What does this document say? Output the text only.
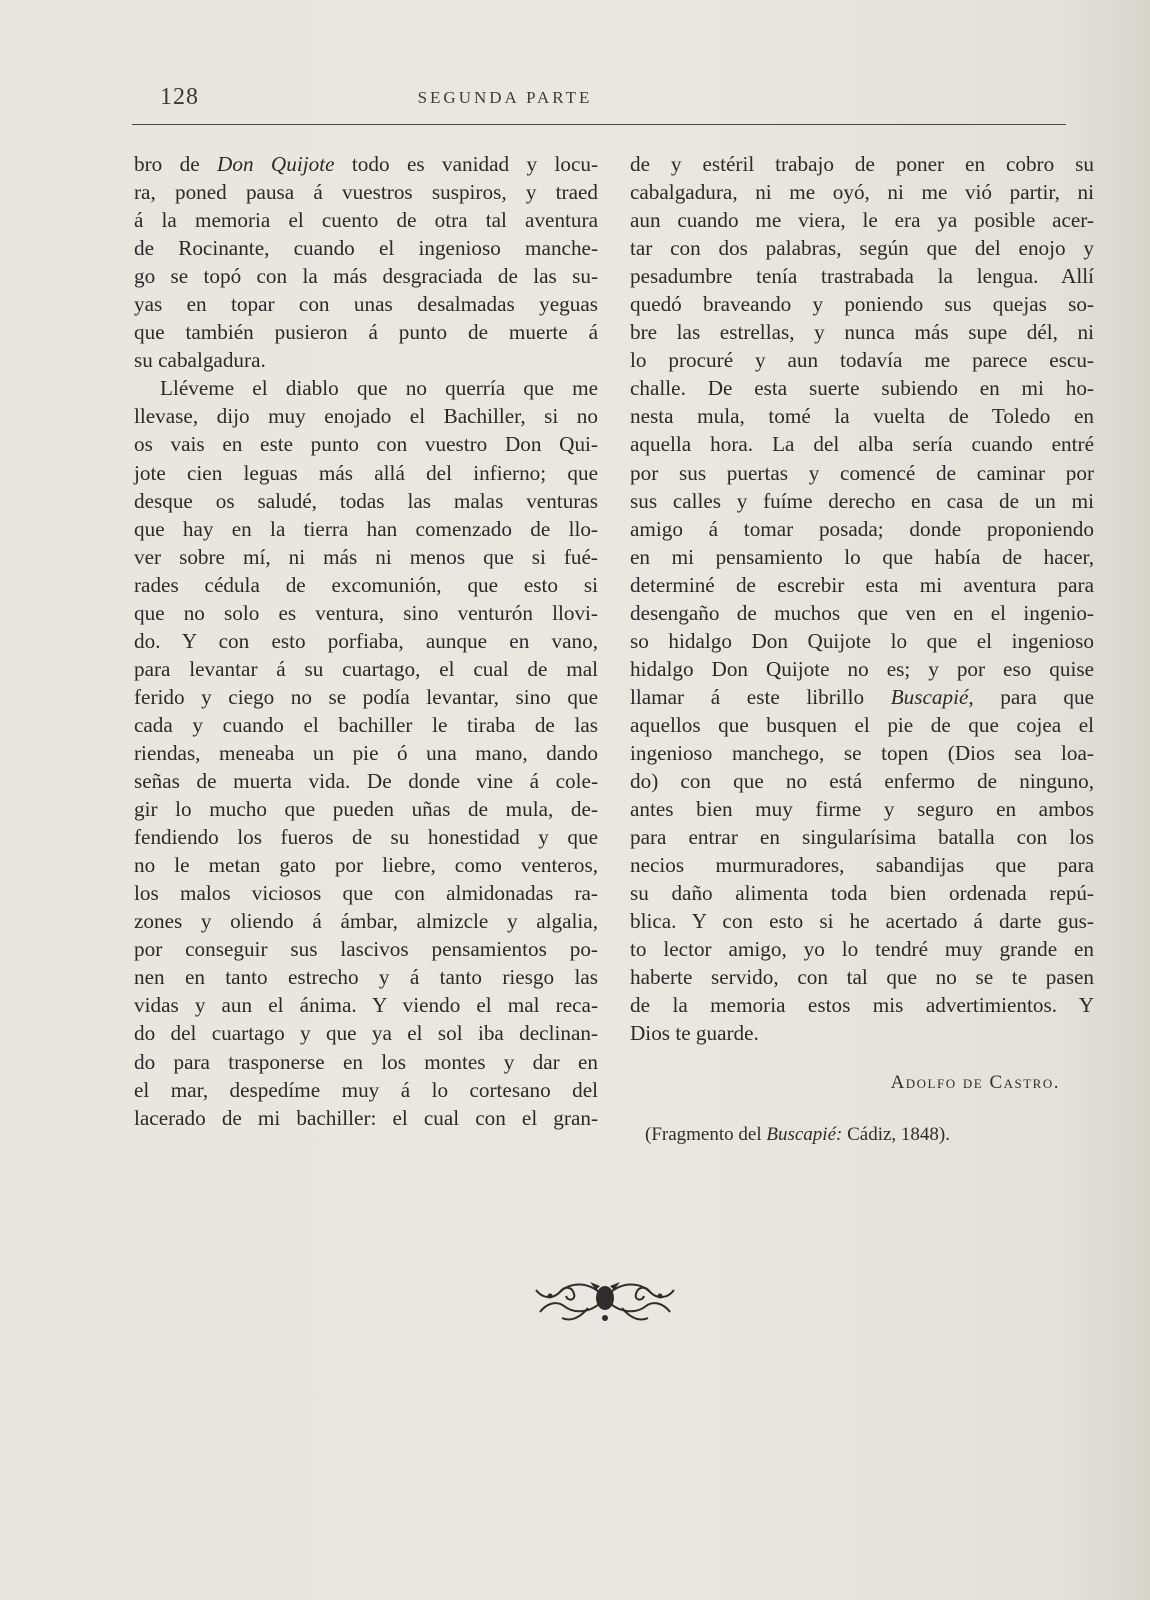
128	SEGUNDA PARTE
bro de Don Quijote todo es vanidad y locu-
ra, poned pausa á vuestros suspiros, y traed
á la memoria el cuento de otra tal aventura
de Rocinante, cuando el ingenioso manche-
go se topó con la más desgraciada de las su-
yas en topar con unas desalmadas yeguas
que también pusieron á punto de muerte á
su cabalgadura.
Lléveme el diablo que no querría que me
llevase, dijo muy enojado el Bachiller, si no
os vais en este punto con vuestro Don Qui-
jote cien leguas más allá del infierno; que
desque os saludé, todas las malas venturas
que hay en la tierra han comenzado de llo-
ver sobre mí, ni más ni menos que si fué-
rades cédula de excomunión, que esto si
que no solo es ventura, sino venturón llovi-
do. Y con esto porfiaba, aunque en vano,
para levantar á su cuartago, el cual de mal
ferido y ciego no se podía levantar, sino que
cada y cuando el bachiller le tiraba de las
riendas, meneaba un pie ó una mano, dando
señas de muerta vida. De donde vine á cole-
gir lo mucho que pueden uñas de mula, de-
fendiendo los fueros de su honestidad y que
no le metan gato por liebre, como venteros,
los malos viciosos que con almidonadas ra-
zones y oliendo á ámbar, almizcle y algalia,
por conseguir sus lascivos pensamientos po-
nen en tanto estrecho y á tanto riesgo las
vidas y aun el ánima. Y viendo el mal reca-
do del cuartago y que ya el sol iba declinan-
do para trasponerse en los montes y dar en
el mar, despedíme muy á lo cortesano del
lacerado de mi bachiller: el cual con el gran-
de y estéril trabajo de poner en cobro su
cabalgadura, ni me oyó, ni me vió partir, ni
aun cuando me viera, le era ya posible acer-
tar con dos palabras, según que del enojo y
pesadumbre tenía trastrabada la lengua. Allí
quedó braveando y poniendo sus quejas so-
bre las estrellas, y nunca más supe dél, ni
lo procuré y aun todavía me parece escu-
challe. De esta suerte subiendo en mi ho-
nesta mula, tomé la vuelta de Toledo en
aquella hora. La del alba sería cuando entré
por sus puertas y comencé de caminar por
sus calles y fuíme derecho en casa de un mi
amigo á tomar posada; donde proponiendo
en mi pensamiento lo que había de hacer,
determiné de escrebir esta mi aventura para
desengaño de muchos que ven en el ingenio-
so hidalgo Don Quijote lo que el ingenioso
hidalgo Don Quijote no es; y por eso quise
llamar á este librillo Buscapié, para que
aquellos que busquen el pie de que cojea el
ingenioso manchego, se topen (Dios sea loa-
do) con que no está enfermo de ninguno,
antes bien muy firme y seguro en ambos
para entrar en singularísima batalla con los
necios murmuradores, sabandijas que para
su daño alimenta toda bien ordenada repú-
blica. Y con esto si he acertado á darte gus-
to lector amigo, yo lo tendré muy grande en
haberte servido, con tal que no se te pasen
de la memoria estos mis advertimientos. Y
Dios te guarde.
Adolfo de Castro.
(Fragmento del Buscapié: Cádiz, 1848).
